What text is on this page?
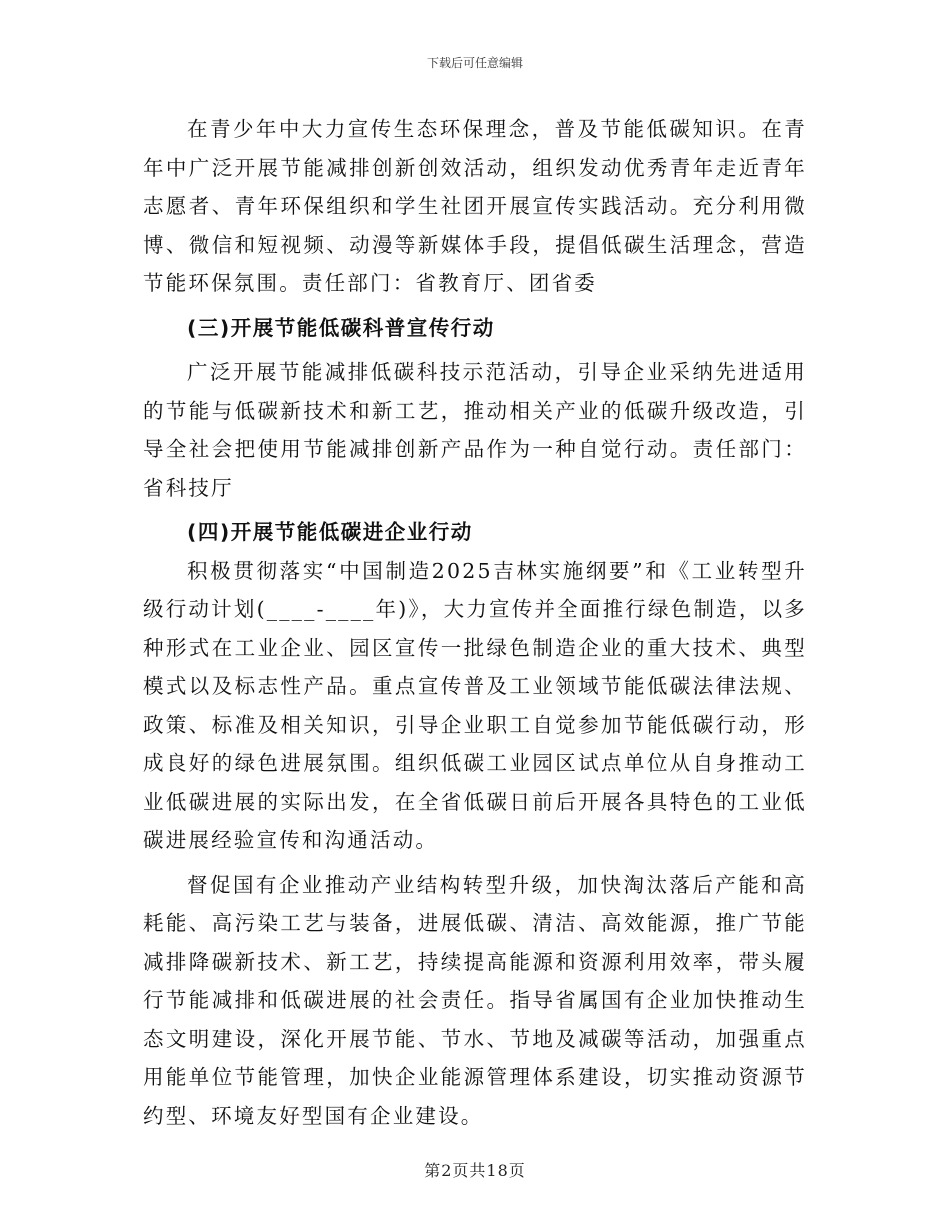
下载后可任意编辑

在青少年中大力宣传生态环保理念，普及节能低碳知识。在青年中广泛开展节能减排创新创效活动，组织发动优秀青年走近青年志愿者、青年环保组织和学生社团开展宣传实践活动。充分利用微博、微信和短视频、动漫等新媒体手段，提倡低碳生活理念，营造节能环保氛围。责任部门：省教育厅、团省委

(三)开展节能低碳科普宣传行动

广泛开展节能减排低碳科技示范活动，引导企业采纳先进适用的节能与低碳新技术和新工艺，推动相关产业的低碳升级改造，引导全社会把使用节能减排创新产品作为一种自觉行动。责任部门：省科技厅

(四)开展节能低碳进企业行动

积极贯彻落实“中国制造2025吉林实施纲要”和《工业转型升级行动计划(____-____年)》，大力宣传并全面推行绿色制造，以多种形式在工业企业、园区宣传一批绿色制造企业的重大技术、典型模式以及标志性产品。重点宣传普及工业领域节能低碳法律法规、政策、标准及相关知识，引导企业职工自觉参加节能低碳行动，形成良好的绿色进展氛围。组织低碳工业园区试点单位从自身推动工业低碳进展的实际出发，在全省低碳日前后开展各具特色的工业低碳进展经验宣传和沟通活动。

督促国有企业推动产业结构转型升级，加快淘汰落后产能和高耗能、高污染工艺与装备，进展低碳、清洁、高效能源，推广节能减排降碳新技术、新工艺，持续提高能源和资源利用效率，带头履行节能减排和低碳进展的社会责任。指导省属国有企业加快推动生态文明建设，深化开展节能、节水、节地及减碳等活动，加强重点用能单位节能管理，加快企业能源管理体系建设，切实推动资源节约型、环境友好型国有企业建设。

第2页共18页
